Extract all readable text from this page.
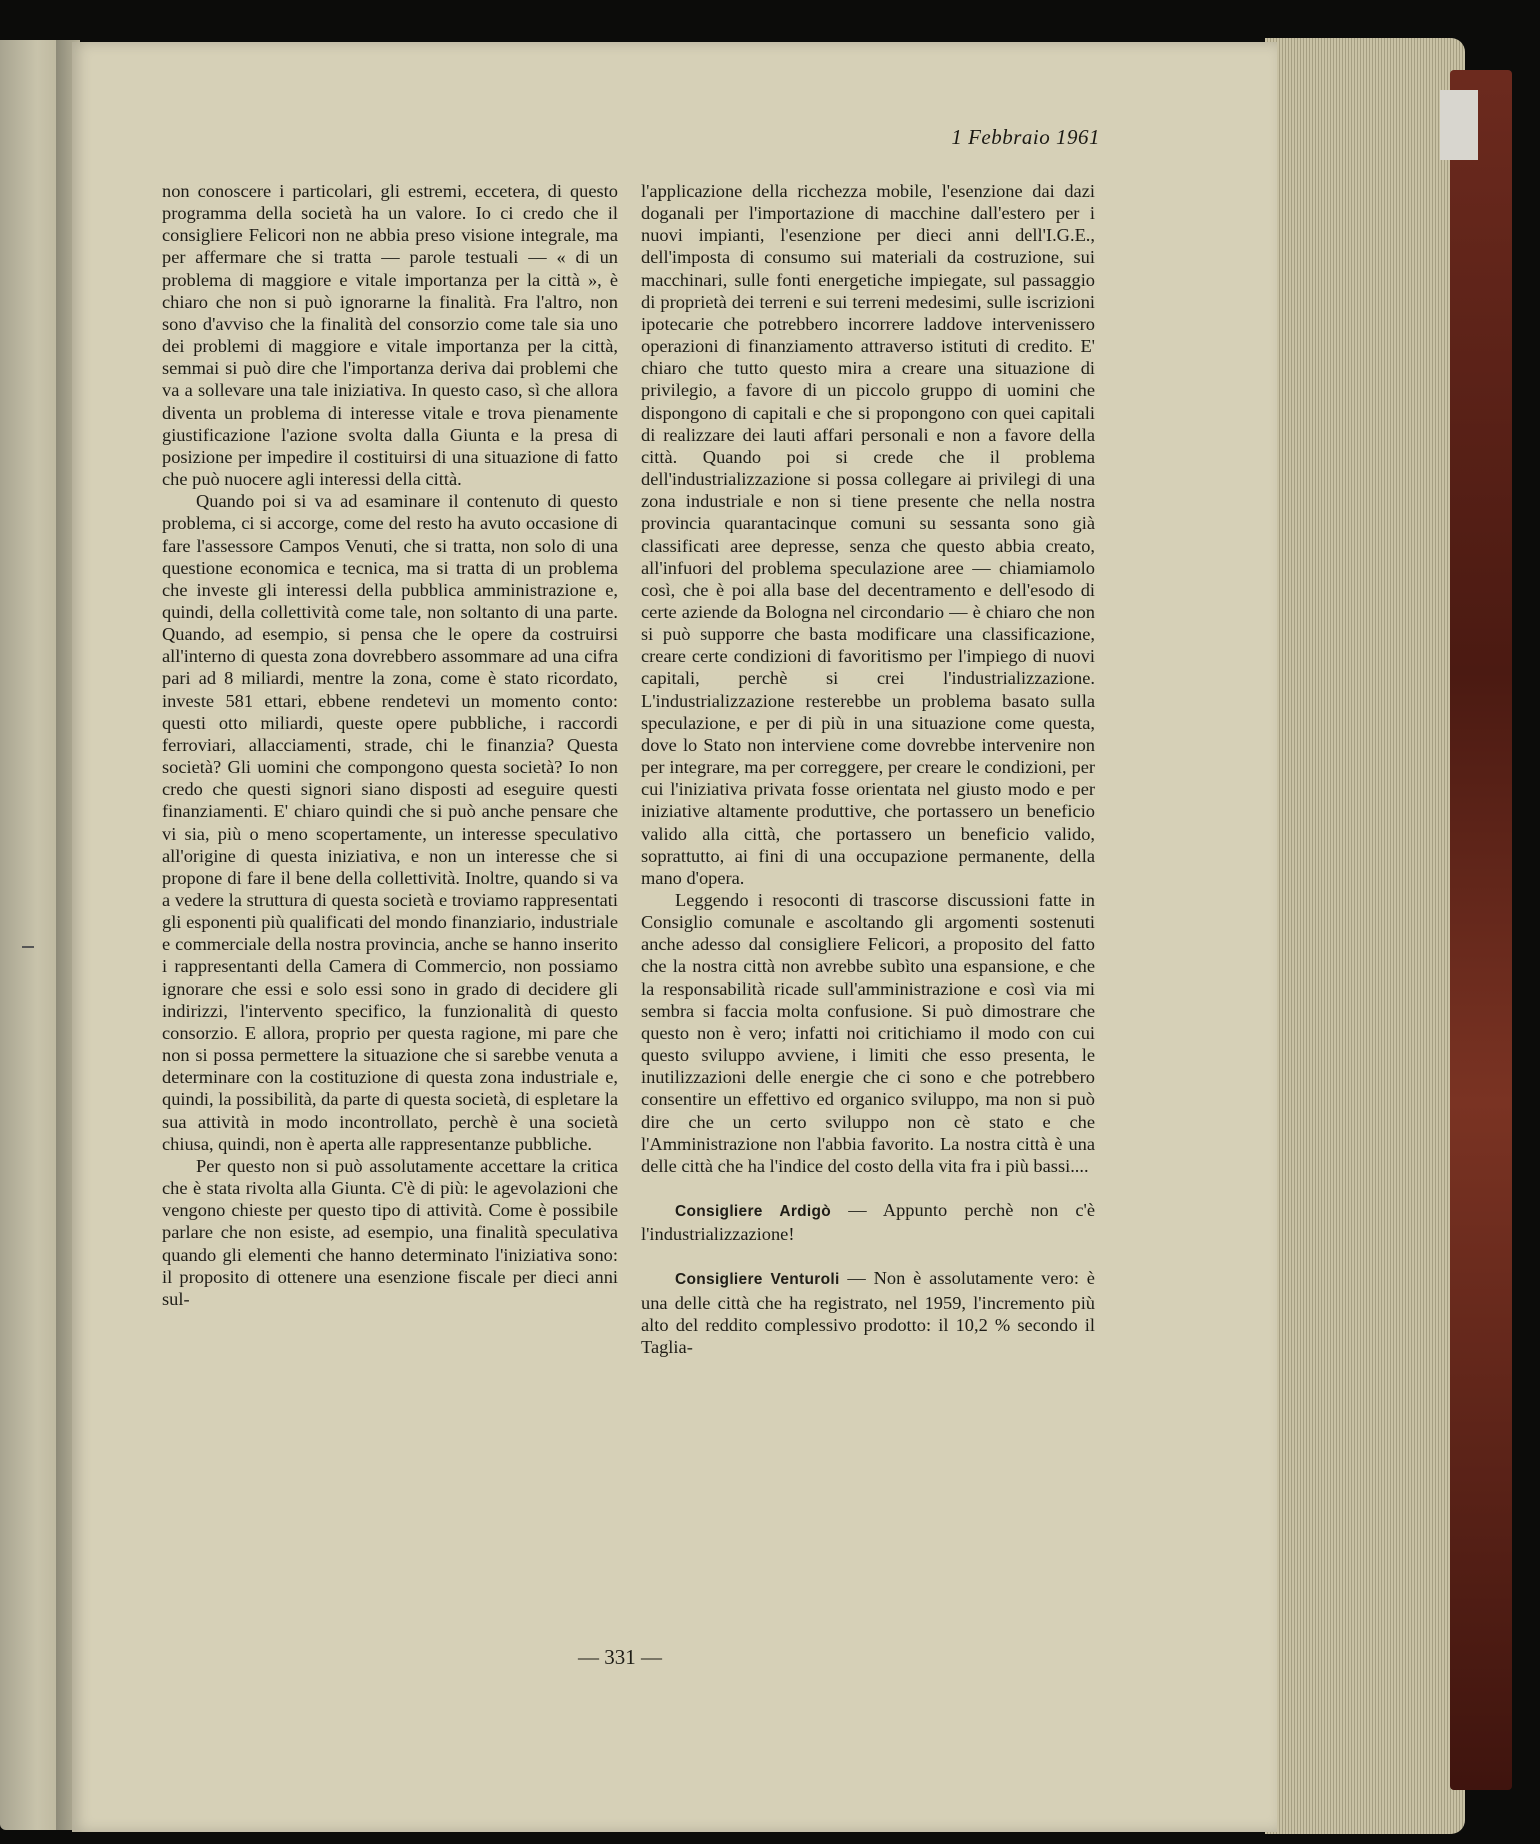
1 Febbraio 1961

non conoscere i particolari, gli estremi, eccetera, di questo programma della società ha un valore. Io ci credo che il consigliere Felicori non ne abbia preso visione integrale, ma per affermare che si tratta — parole testuali — « di un problema di maggiore e vitale importanza per la città », è chiaro che non si può ignorarne la finalità. Fra l'altro, non sono d'avviso che la finalità del consorzio come tale sia uno dei problemi di maggiore e vitale importanza per la città, semmai si può dire che l'importanza deriva dai problemi che va a sollevare una tale iniziativa. In questo caso, sì che allora diventa un problema di interesse vitale e trova pienamente giustificazione l'azione svolta dalla Giunta e la presa di posizione per impedire il costituirsi di una situazione di fatto che può nuocere agli interessi della città.

Quando poi si va ad esaminare il contenuto di questo problema, ci si accorge, come del resto ha avuto occasione di fare l'assessore Campos Venuti, che si tratta, non solo di una questione economica e tecnica, ma si tratta di un problema che investe gli interessi della pubblica amministrazione e, quindi, della collettività come tale, non soltanto di una parte. Quando, ad esempio, si pensa che le opere da costruirsi all'interno di questa zona dovrebbero assommare ad una cifra pari ad 8 miliardi, mentre la zona, come è stato ricordato, investe 581 ettari, ebbene rendetevi un momento conto: questi otto miliardi, queste opere pubbliche, i raccordi ferroviari, allacciamenti, strade, chi le finanzia? Questa società? Gli uomini che compongono questa società? Io non credo che questi signori siano disposti ad eseguire questi finanziamenti. E' chiaro quindi che si può anche pensare che vi sia, più o meno scopertamente, un interesse speculativo all'origine di questa iniziativa, e non un interesse che si propone di fare il bene della collettività. Inoltre, quando si va a vedere la struttura di questa società e troviamo rappresentati gli esponenti più qualificati del mondo finanziario, industriale e commerciale della nostra provincia, anche se hanno inserito i rappresentanti della Camera di Commercio, non possiamo ignorare che essi e solo essi sono in grado di decidere gli indirizzi, l'intervento specifico, la funzionalità di questo consorzio. E allora, proprio per questa ragione, mi pare che non si possa permettere la situazione che si sarebbe venuta a determinare con la costituzione di questa zona industriale e, quindi, la possibilità, da parte di questa società, di espletare la sua attività in modo incontrollato, perchè è una società chiusa, quindi, non è aperta alle rappresentanze pubbliche.

Per questo non si può assolutamente accettare la critica che è stata rivolta alla Giunta. C'è di più: le agevolazioni che vengono chieste per questo tipo di attività. Come è possibile parlare che non esiste, ad esempio, una finalità speculativa quando gli elementi che hanno determinato l'iniziativa sono: il proposito di ottenere una esenzione fiscale per dieci anni sul-

l'applicazione della ricchezza mobile, l'esenzione dai dazi doganali per l'importazione di macchine dall'estero per i nuovi impianti, l'esenzione per dieci anni dell'I.G.E., dell'imposta di consumo sui materiali da costruzione, sui macchinari, sulle fonti energetiche impiegate, sul passaggio di proprietà dei terreni e sui terreni medesimi, sulle iscrizioni ipotecarie che potrebbero incorrere laddove intervenissero operazioni di finanziamento attraverso istituti di credito. E' chiaro che tutto questo mira a creare una situazione di privilegio, a favore di un piccolo gruppo di uomini che dispongono di capitali e che si propongono con quei capitali di realizzare dei lauti affari personali e non a favore della città. Quando poi si crede che il problema dell'industrializzazione si possa collegare ai privilegi di una zona industriale e non si tiene presente che nella nostra provincia quarantacinque comuni su sessanta sono già classificati aree depresse, senza che questo abbia creato, all'infuori del problema speculazione aree — chiamiamolo così, che è poi alla base del decentramento e dell'esodo di certe aziende da Bologna nel circondario — è chiaro che non si può supporre che basta modificare una classificazione, creare certe condizioni di favoritismo per l'impiego di nuovi capitali, perchè si crei l'industrializzazione. L'industrializzazione resterebbe un problema basato sulla speculazione, e per di più in una situazione come questa, dove lo Stato non interviene come dovrebbe intervenire non per integrare, ma per correggere, per creare le condizioni, per cui l'iniziativa privata fosse orientata nel giusto modo e per iniziative altamente produttive, che portassero un beneficio valido alla città, che portassero un beneficio valido, soprattutto, ai fini di una occupazione permanente, della mano d'opera.

Leggendo i resoconti di trascorse discussioni fatte in Consiglio comunale e ascoltando gli argomenti sostenuti anche adesso dal consigliere Felicori, a proposito del fatto che la nostra città non avrebbe subìto una espansione, e che la responsabilità ricade sull'amministrazione e così via mi sembra si faccia molta confusione. Si può dimostrare che questo non è vero; infatti noi critichiamo il modo con cui questo sviluppo avviene, i limiti che esso presenta, le inutilizzazioni delle energie che ci sono e che potrebbero consentire un effettivo ed organico sviluppo, ma non si può dire che un certo sviluppo non cè stato e che l'Amministrazione non l'abbia favorito. La nostra città è una delle città che ha l'indice del costo della vita fra i più bassi....

Consigliere Ardigò — Appunto perchè non c'è l'industrializzazione!

Consigliere Venturoli — Non è assolutamente vero: è una delle città che ha registrato, nel 1959, l'incremento più alto del reddito complessivo prodotto: il 10,2 % secondo il Taglia-

— 331 —
